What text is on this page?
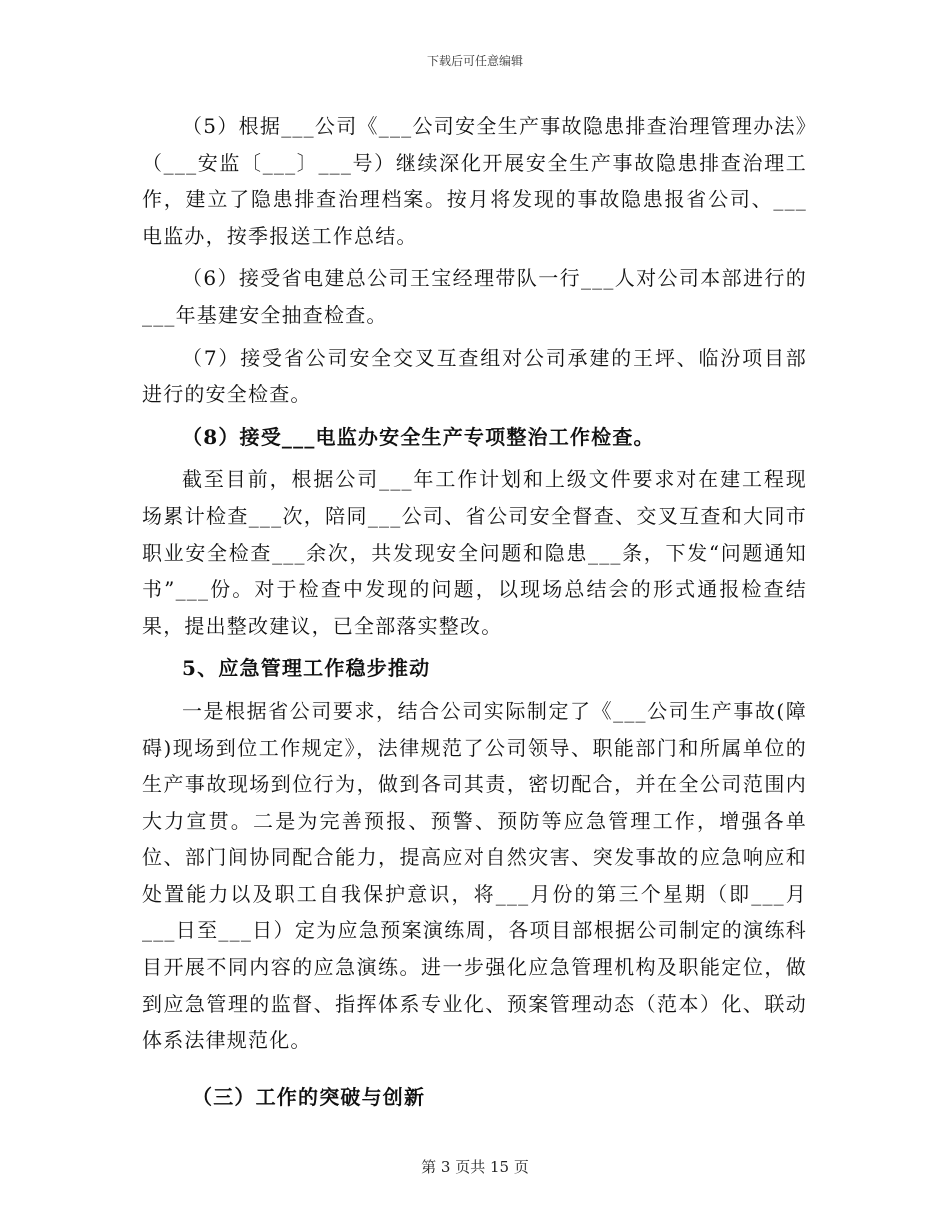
下载后可任意编辑

（5）根据___公司《___公司安全生产事故隐患排查治理管理办法》（___安监〔___〕___号）继续深化开展安全生产事故隐患排查治理工作，建立了隐患排查治理档案。按月将发现的事故隐患报省公司、___电监办，按季报送工作总结。

（6）接受省电建总公司王宝经理带队一行___人对公司本部进行的___年基建安全抽查检查。

（7）接受省公司安全交叉互查组对公司承建的王坪、临汾项目部进行的安全检查。

（8）接受___电监办安全生产专项整治工作检查。

截至目前，根据公司___年工作计划和上级文件要求对在建工程现场累计检查___次，陪同___公司、省公司安全督查、交叉互查和大同市职业安全检查___余次，共发现安全问题和隐患___条，下发“问题通知书”___份。对于检查中发现的问题，以现场总结会的形式通报检查结果，提出整改建议，已全部落实整改。

5、应急管理工作稳步推动

一是根据省公司要求，结合公司实际制定了《___公司生产事故(障碍)现场到位工作规定》，法律规范了公司领导、职能部门和所属单位的生产事故现场到位行为，做到各司其责，密切配合，并在全公司范围内大力宣贯。二是为完善预报、预警、预防等应急管理工作，增强各单位、部门间协同配合能力，提高应对自然灾害、突发事故的应急响应和处置能力以及职工自我保护意识，将___月份的第三个星期（即___月___日至___日）定为应急预案演练周，各项目部根据公司制定的演练科目开展不同内容的应急演练。进一步强化应急管理机构及职能定位，做到应急管理的监督、指挥体系专业化、预案管理动态（范本）化、联动体系法律规范化。

（三）工作的突破与创新

第 3 页共 15 页
